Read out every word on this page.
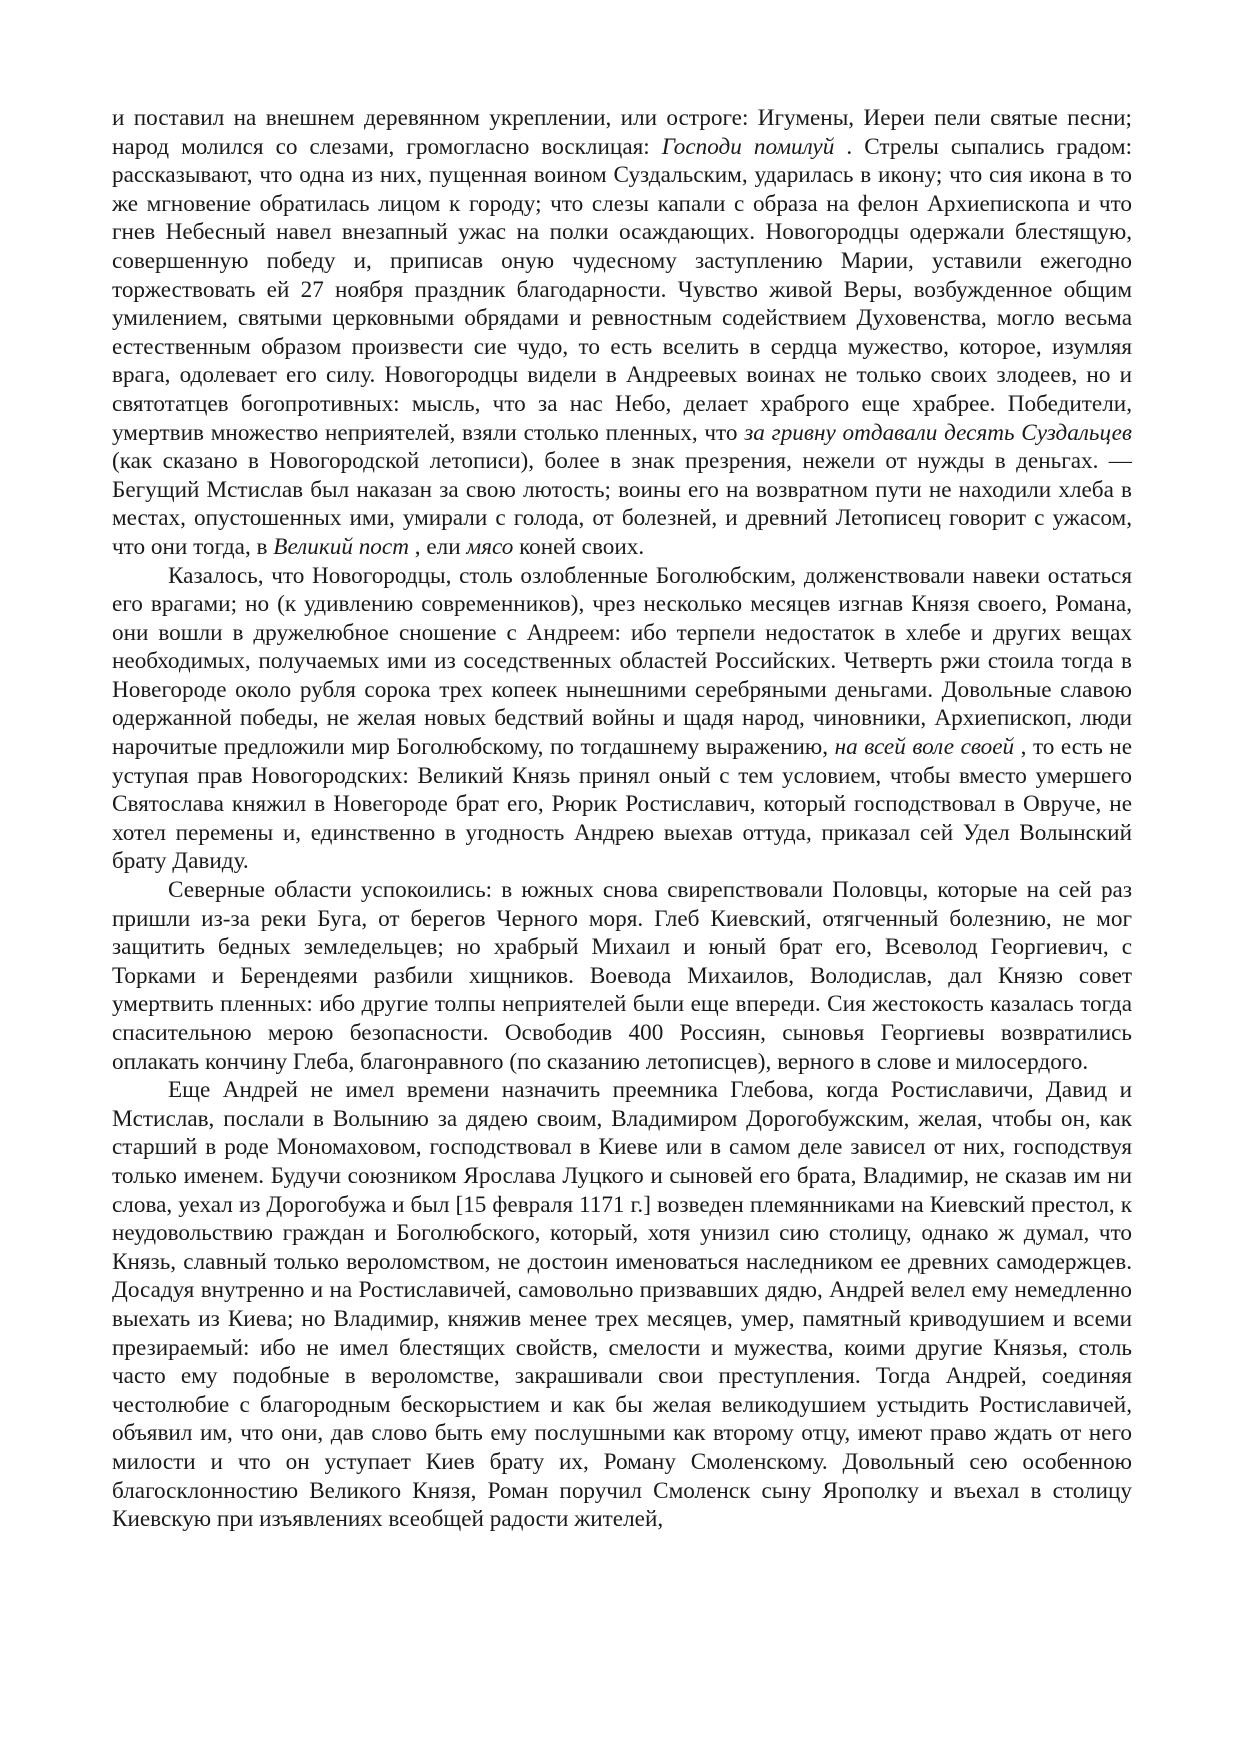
и поставил на внешнем деревянном укреплении, или остроге: Игумены, Иереи пели святые песни; народ молился со слезами, громогласно восклицая: Господи помилуй . Стрелы сыпались градом: рассказывают, что одна из них, пущенная воином Суздальским, ударилась в икону; что сия икона в то же мгновение обратилась лицом к городу; что слезы капали с образа на фелон Архиепископа и что гнев Небесный навел внезапный ужас на полки осаждающих. Новогородцы одержали блестящую, совершенную победу и, приписав оную чудесному заступлению Марии, уставили ежегодно торжествовать ей 27 ноября праздник благодарности. Чувство живой Веры, возбужденное общим умилением, святыми церковными обрядами и ревностным содействием Духовенства, могло весьма естественным образом произвести сие чудо, то есть вселить в сердца мужество, которое, изумляя врага, одолевает его силу. Новогородцы видели в Андреевых воинах не только своих злодеев, но и святотатцев богопротивных: мысль, что за нас Небо, делает храброго еще храбрее. Победители, умертвив множество неприятелей, взяли столько пленных, что за гривну отдавали десять Суздальцев (как сказано в Новогородской летописи), более в знак презрения, нежели от нужды в деньгах. — Бегущий Мстислав был наказан за свою лютость; воины его на возвратном пути не находили хлеба в местах, опустошенных ими, умирали с голода, от болезней, и древний Летописец говорит с ужасом, что они тогда, в Великий пост , ели мясо коней своих.

Казалось, что Новогородцы, столь озлобленные Боголюбским, долженствовали навеки остаться его врагами; но (к удивлению современников), чрез несколько месяцев изгнав Князя своего, Романа, они вошли в дружелюбное сношение с Андреем: ибо терпели недостаток в хлебе и других вещах необходимых, получаемых ими из соседственных областей Российских. Четверть ржи стоила тогда в Новегороде около рубля сорока трех копеек нынешними серебряными деньгами. Довольные славою одержанной победы, не желая новых бедствий войны и щадя народ, чиновники, Архиепископ, люди нарочитые предложили мир Боголюбскому, по тогдашнему выражению, на всей воле своей , то есть не уступая прав Новогородских: Великий Князь принял оный с тем условием, чтобы вместо умершего Святослава княжил в Новегороде брат его, Рюрик Ростиславич, который господствовал в Овруче, не хотел перемены и, единственно в угодность Андрею выехав оттуда, приказал сей Удел Волынский брату Давиду.

Северные области успокоились: в южных снова свирепствовали Половцы, которые на сей раз пришли из-за реки Буга, от берегов Черного моря. Глеб Киевский, отягченный болезнию, не мог защитить бедных земледельцев; но храбрый Михаил и юный брат его, Всеволод Георгиевич, с Торками и Берендеями разбили хищников. Воевода Михаилов, Володислав, дал Князю совет умертвить пленных: ибо другие толпы неприятелей были еще впереди. Сия жестокость казалась тогда спасительною мерою безопасности. Освободив 400 Россиян, сыновья Георгиевы возвратились оплакать кончину Глеба, благонравного (по сказанию летописцев), верного в слове и милосердого.

Еще Андрей не имел времени назначить преемника Глебова, когда Ростиславичи, Давид и Мстислав, послали в Волынию за дядею своим, Владимиром Дорогобужским, желая, чтобы он, как старший в роде Мономаховом, господствовал в Киеве или в самом деле зависел от них, господствуя только именем. Будучи союзником Ярослава Луцкого и сыновей его брата, Владимир, не сказав им ни слова, уехал из Дорогобужа и был [15 февраля 1171 г.] возведен племянниками на Киевский престол, к неудовольствию граждан и Боголюбского, который, хотя унизил сию столицу, однако ж думал, что Князь, славный только вероломством, не достоин именоваться наследником ее древних самодержцев. Досадуя внутренно и на Ростиславичей, самовольно призвавших дядю, Андрей велел ему немедленно выехать из Киева; но Владимир, княжив менее трех месяцев, умер, памятный криводушием и всеми презираемый: ибо не имел блестящих свойств, смелости и мужества, коими другие Князья, столь часто ему подобные в вероломстве, закрашивали свои преступления. Тогда Андрей, соединяя честолюбие с благородным бескорыстием и как бы желая великодушием устыдить Ростиславичей, объявил им, что они, дав слово быть ему послушными как второму отцу, имеют право ждать от него милости и что он уступает Киев брату их, Роману Смоленскому. Довольный сею особенною благосклонностию Великого Князя, Роман поручил Смоленск сыну Ярополку и въехал в столицу Киевскую при изъявлениях всеобщей радости жителей,
